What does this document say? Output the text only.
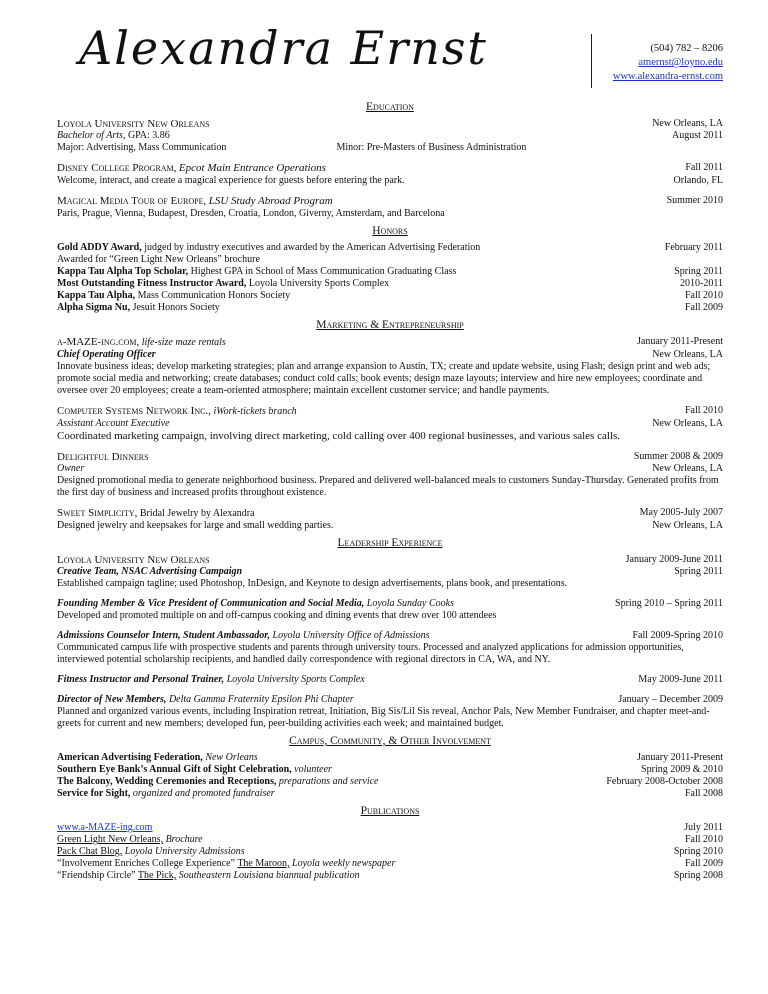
Alexandra Ernst	(504) 782 – 8206
amernst@loyno.edu
www.alexandra-ernst.com
Education
Loyola University New Orleans	New Orleans, LA
Bachelor of Arts, GPA: 3.86	August 2011
Major: Advertising, Mass Communication	Minor: Pre-Masters of Business Administration
Disney College Program, Epcot Main Entrance Operations	Fall 2011
Welcome, interact, and create a magical experience for guests before entering the park.	Orlando, FL
Magical Media Tour of Europe, LSU Study Abroad Program	Summer 2010
Paris, Prague, Vienna, Budapest, Dresden, Croatia, London, Giverny, Amsterdam, and Barcelona
Honors
Gold ADDY Award, judged by industry executives and awarded by the American Advertising Federation	February 2011
Awarded for “Green Light New Orleans” brochure
Kappa Tau Alpha Top Scholar, Highest GPA in School of Mass Communication Graduating Class	Spring 2011
Most Outstanding Fitness Instructor Award, Loyola University Sports Complex	2010-2011
Kappa Tau Alpha, Mass Communication Honors Society	Fall 2010
Alpha Sigma Nu, Jesuit Honors Society	Fall 2009
Marketing & Entrepreneurship
a-MAZE-ing.com, life-size maze rentals	January 2011-Present
Chief Operating Officer	New Orleans, LA
Innovate business ideas; develop marketing strategies; plan and arrange expansion to Austin, TX; create and update website, using Flash; design print and web ads; promote social media and networking; create databases; conduct cold calls; book events; design maze layouts; interview and hire new employees; coordinate and oversee over 20 employees; create a team-oriented atmosphere; maintain excellent customer service; and handle payments.
Computer Systems Network Inc., iWork-tickets branch	Fall 2010
Assistant Account Executive	New Orleans, LA
Coordinated marketing campaign, involving direct marketing, cold calling over 400 regional businesses, and various sales calls.
Delightful Dinners	Summer 2008 & 2009
Owner	New Orleans, LA
Designed promotional media to generate neighborhood business. Prepared and delivered well-balanced meals to customers Sunday-Thursday. Generated profits from the first day of business and increased profits throughout existence.
Sweet Simplicity, Bridal Jewelry by Alexandra	May 2005-July 2007
Designed jewelry and keepsakes for large and small wedding parties.	New Orleans, LA
Leadership Experience
Loyola University New Orleans	January 2009-June 2011
Creative Team, NSAC Advertising Campaign	Spring 2011
Established campaign tagline; used Photoshop, InDesign, and Keynote to design advertisements, plans book, and presentations.
Founding Member & Vice President of Communication and Social Media, Loyola Sunday Cooks	Spring 2010 – Spring 2011
Developed and promoted multiple on and off-campus cooking and dining events that drew over 100 attendees
Admissions Counselor Intern, Student Ambassador, Loyola University Office of Admissions	Fall 2009-Spring 2010
Communicated campus life with prospective students and parents through university tours. Processed and analyzed applications for admission opportunities, interviewed potential scholarship recipients, and handled daily correspondence with regional directors in CA, WA, and NY.
Fitness Instructor and Personal Trainer, Loyola University Sports Complex	May 2009-June 2011
Director of New Members, Delta Gamma Fraternity Epsilon Phi Chapter	January – December 2009
Planned and organized various events, including Inspiration retreat, Initiation, Big Sis/Lil Sis reveal, Anchor Pals, New Member Fundraiser, and chapter meet-and-greets for current and new members; developed fun, peer-building activities each week; and maintained budget.
Campus, Community, & Other Involvement
American Advertising Federation, New Orleans	January 2011-Present
Southern Eye Bank’s Annual Gift of Sight Celebration, volunteer	Spring 2009 & 2010
The Balcony, Wedding Ceremonies and Receptions, preparations and service	February 2008-October 2008
Service for Sight, organized and promoted fundraiser	Fall 2008
Publications
www.a-MAZE-ing.com	July 2011
Green Light New Orleans, Brochure	Fall 2010
Pack Chat Blog, Loyola University Admissions	Spring 2010
“Involvement Enriches College Experience” The Maroon, Loyola weekly newspaper	Fall 2009
“Friendship Circle” The Pick, Southeastern Louisiana biannual publication	Spring 2008
